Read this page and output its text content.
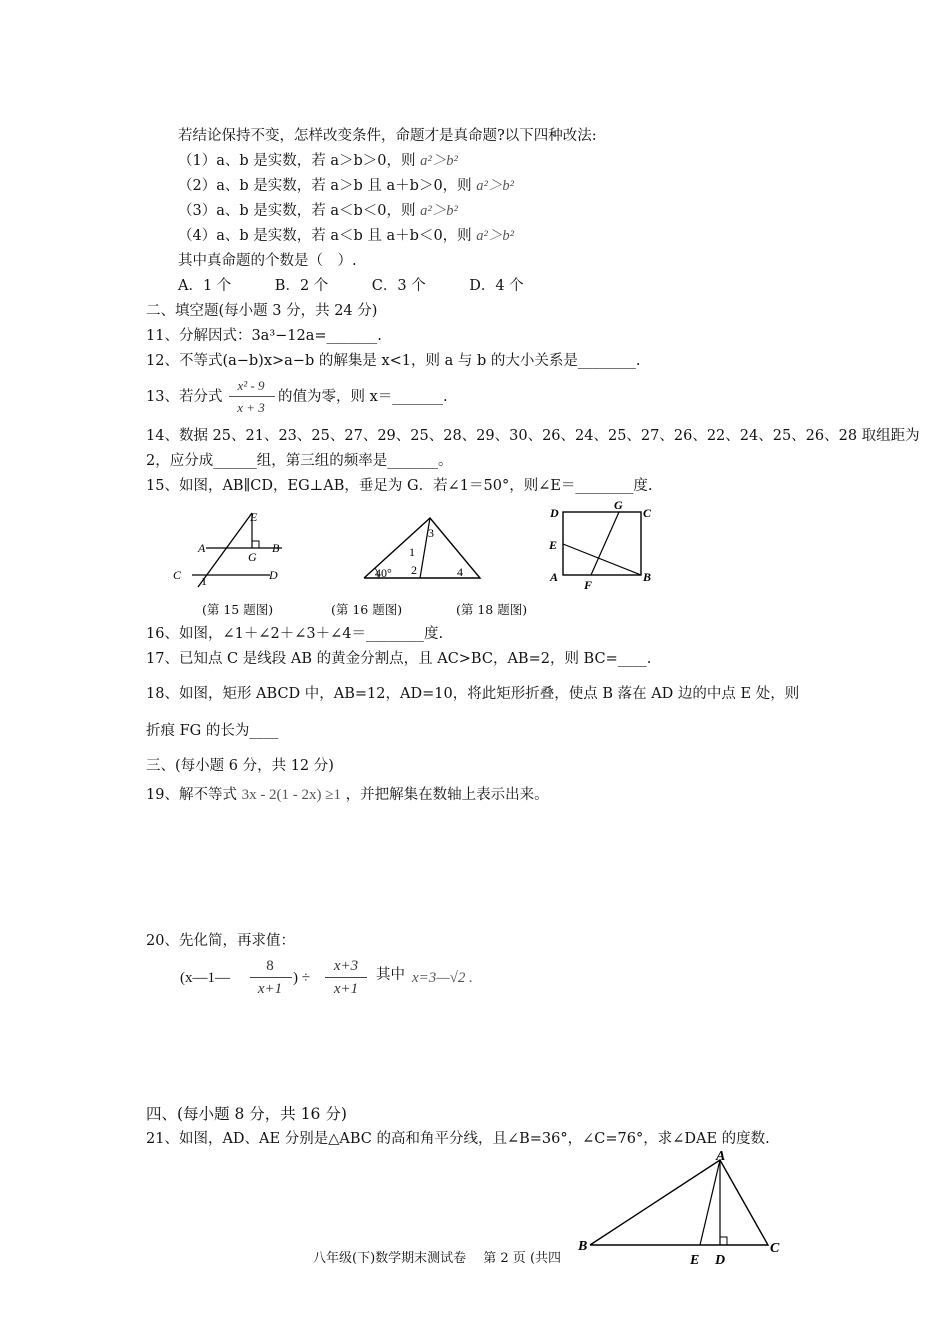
若结论保持不变，怎样改变条件，命题才是真命题?以下四种改法:
（1）a、b 是实数，若 a＞b＞0，则 a²＞b²
（2）a、b 是实数，若 a＞b 且 a＋b＞0，则 a²＞b²
（3）a、b 是实数，若 a＜b＜0，则 a²＞b²
（4）a、b 是实数，若 a＜b 且 a＋b＜0，则 a²＞b²
其中真命题的个数是（　）.
A．1 个　　　B．2 个　　　C．3 个　　　D．4 个
二、填空题(每小题 3 分，共 24 分)
11、分解因式：3a³−12a=_______.
12、不等式(a−b)x>a−b 的解集是 x<1，则 a 与 b 的大小关系是________.
13、若分式
x² - 9
x + 3
的值为零，则 x＝_______.
14、数据 25、21、23、25、27、29、25、28、29、30、26、24、25、27、26、22、24、25、26、28 取组距为
2，应分成______组，第三组的频率是_______。
15、如图，AB∥CD，EG⊥AB，垂足为 G．若∠1＝50°，则∠E＝________度.
E
A
G
B
C	D
1
40°
1
2
3
4
D
G
C
E
A
F
B
(第 15 题图)	(第 16 题图)	(第 18 题图)
16、如图，∠1＋∠2＋∠3＋∠4＝________度.
17、已知点 C 是线段 AB 的黄金分割点，且 AC>BC，AB=2，则 BC=____.
18、如图，矩形 ABCD 中，AB=12，AD=10，将此矩形折叠，使点 B 落在 AD 边的中点 E 处，则
折痕 FG 的长为____
三、(每小题 6 分，共 12 分)
19、解不等式 3x - 2(1 - 2x) ≥1 ，并把解集在数轴上表示出来。
20、先化简，再求值：
(x—1—
8
x+1
) ÷
x+3
x+1
其中 x=3—√2 .
四、(每小题 8 分，共 16 分)
21、如图，AD、AE 分别是△ABC 的高和角平分线，且∠B=36°，∠C=76°，求∠DAE 的度数.
A
B
E D
C
八年级(下)数学期末测试卷　 第 2 页 (共四
